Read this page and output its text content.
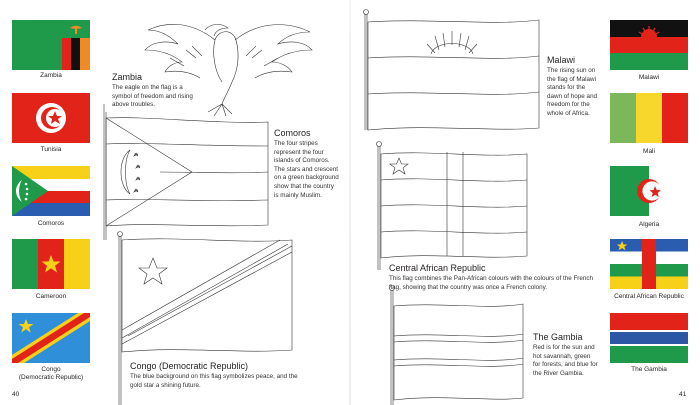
Zambia
Tunisia
Comoros
Cameroon
Congo
(Democratic Republic)
Zambia
The eagle on the flag is a symbol of freedom and rising above troubles.
Comoros
The four stripes represent the four islands of Comoros. The stars and crescent on a green background show that the country is mainly Muslim.
Congo (Democratic Republic)
The blue background on this flag symbolizes peace, and the gold star a shining future.
40
Malawi
Mali
Algeria
Central African Republic
The Gambia
Malawi
The rising sun on the flag of Malawi stands for the dawn of hope and freedom for the whole of Africa.
Central African Republic
This flag combines the Pan-African colours with the colours of the French flag, showing that the country was once a French colony.
The Gambia
Red is for the sun and hot savannah, green for forests, and blue for the River Gambia.
41
